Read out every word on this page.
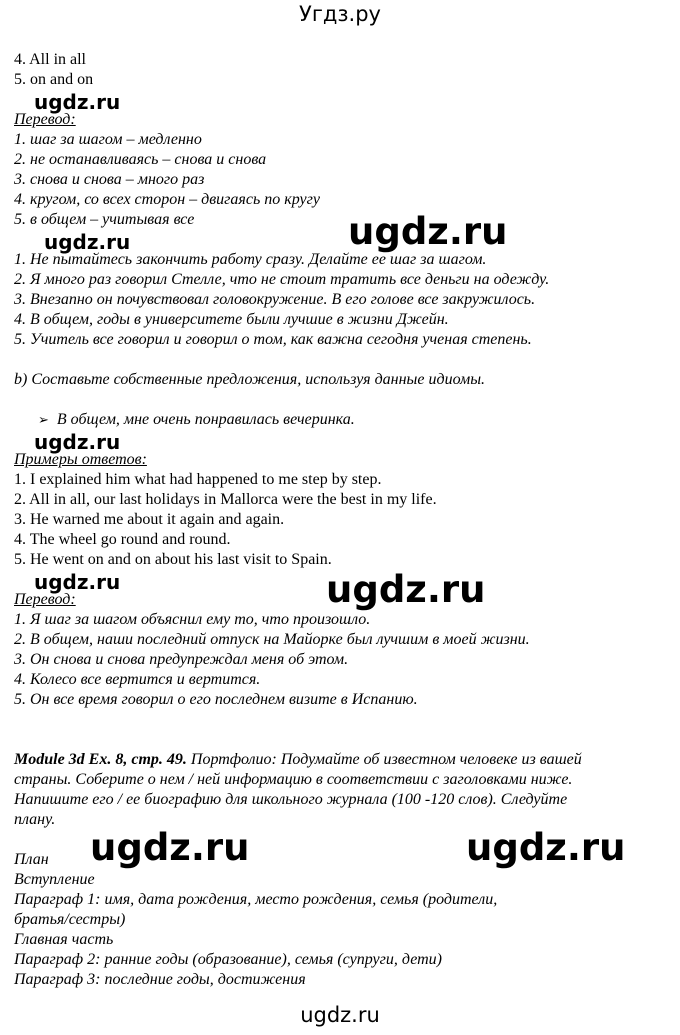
Угдз.ру
4. All in all
5. on and on
Перевод:
1. шаг за шагом – медленно
2. не останавливаясь – снова и снова
3. снова и снова – много раз
4. кругом, со всех сторон – двигаясь по кругу
5. в общем – учитывая все
1. Не пытайтесь закончить работу сразу. Делайте ее шаг за шагом.
2. Я много раз говорил Стелле, что не стоит тратить все деньги на одежду.
3. Внезапно он почувствовал головокружение. В его голове все закружилось.
4. В общем, годы в университете были лучшие в жизни Джейн.
5. Учитель все говорил и говорил о том, как важна сегодня ученая степень.
b) Составьте собственные предложения, используя данные идиомы.
➢ В общем, мне очень понравилась вечеринка.
Примеры ответов:
1. I explained him what had happened to me step by step.
2. All in all, our last holidays in Mallorca were the best in my life.
3. He warned me about it again and again.
4. The wheel go round and round.
5. He went on and on about his last visit to Spain.
Перевод:
1. Я шаг за шагом объяснил ему то, что произошло.
2. В общем, наши последний отпуск на Майорке был лучшим в моей жизни.
3. Он снова и снова предупреждал меня об этом.
4. Колесо все вертится и вертится.
5. Он все время говорил о его последнем визите в Испанию.
Module 3d Ex. 8, стр. 49. Портфолио: Подумайте об известном человеке из вашей
страны. Соберите о нем / ней информацию в соответствии с заголовками ниже.
Напишите его / ее биографию для школьного журнала (100 -120 слов). Следуйте
плану.
План
Вступление
Параграф 1: имя, дата рождения, место рождения, семья (родители,
братья/сестры)
Главная часть
Параграф 2: ранние годы (образование), семья (супруги, дети)
Параграф 3: последние годы, достижения
ugdz.ru
ugdz.ru	ugdz.ru
ugdz.ru
ugdz.ru	ugdz.ru
ugdz.ru	ugdz.ru
ugdz.ru
